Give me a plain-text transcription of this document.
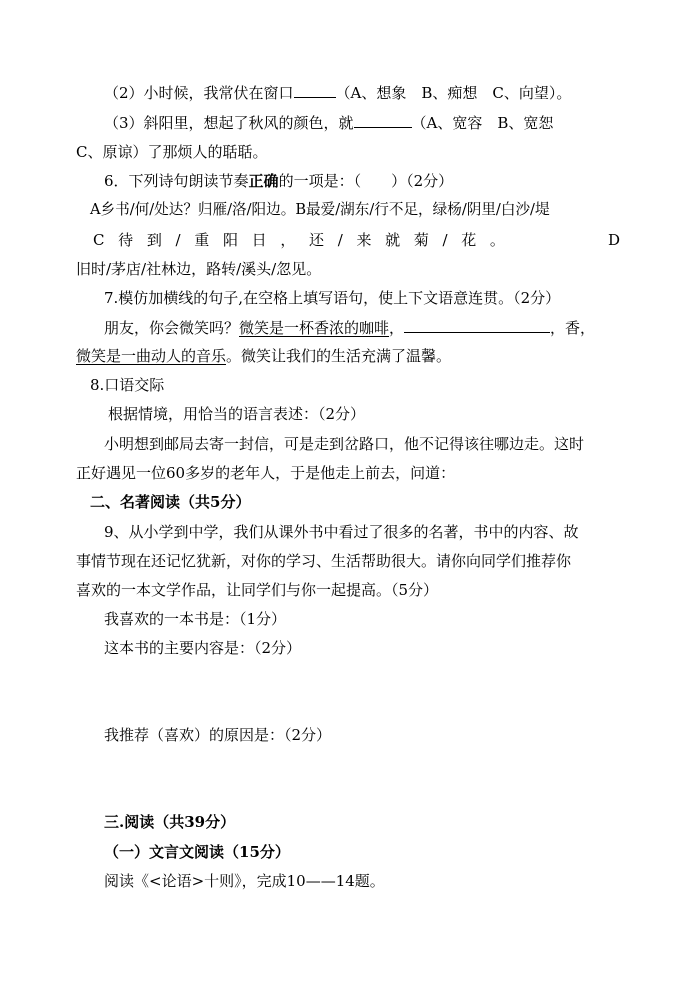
（2）小时候，我常伏在窗口	（A、想象　B、痴想　C、向望）。
（3）斜阳里，想起了秋风的颜色，就	（A、宽容　B、宽恕
C、原谅）了那烦人的聒聒。
6．下列诗句朗读节奏正确的一项是：（　　）（2分）
A乡书/何/处达？归雁/洛/阳边。B最爱/湖东/行不足，绿杨/阴里/白沙/堤
C 待 到 / 重 阳 日 ， 还 / 来 就 菊 / 花 。	D
旧时/茅店/社林边，路转/溪头/忽见。
7.模仿加横线的句子,在空格上填写语句，使上下文语意连贯。（2分）
朋友，你会微笑吗？微笑是一杯香浓的咖啡，	，香，
微笑是一曲动人的音乐。微笑让我们的生活充满了温馨。
8.口语交际
根据情境，用恰当的语言表述：（2分）
小明想到邮局去寄一封信，可是走到岔路口，他不记得该往哪边走。这时
正好遇见一位60多岁的老年人，于是他走上前去，问道：
二、名著阅读（共5分）
9、从小学到中学，我们从课外书中看过了很多的名著，书中的内容、故
事情节现在还记忆犹新，对你的学习、生活帮助很大。请你向同学们推荐你
喜欢的一本文学作品，让同学们与你一起提高。（5分）
我喜欢的一本书是：（1分）
这本书的主要内容是：（2分）
我推荐（喜欢）的原因是：（2分）
三.阅读（共39分）
（一）文言文阅读（15分）
阅读《<论语>十则》，完成10——14题。
